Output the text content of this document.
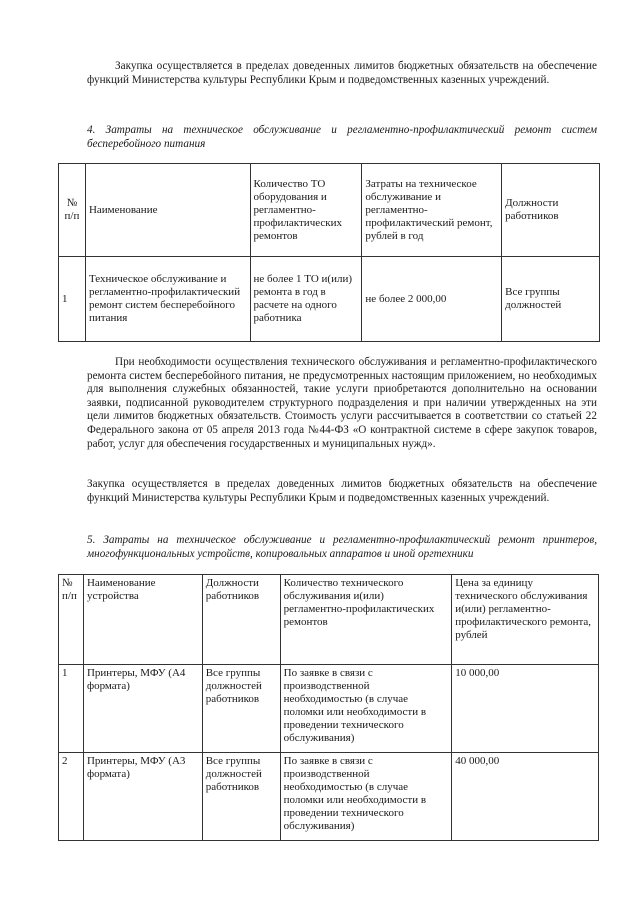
Закупка осуществляется в пределах доведенных лимитов бюджетных обязательств на обеспечение функций Министерства культуры Республики Крым и подведомственных казенных учреждений.
4. Затраты на техническое обслуживание и регламентно-профилактический ремонт систем бесперебойного питания
№ п/п	Наименование	Количество ТО оборудования и регламентно-профилактических ремонтов	Затраты на техническое обслуживание и регламентно-профилактический ремонт, рублей в год	Должности работников
1	Техническое обслуживание и регламентно-профилактический ремонт систем бесперебойного питания	не более 1 ТО и(или) ремонта в год в расчете на одного работника	не более 2 000,00	Все группы должностей
При необходимости осуществления технического обслуживания и регламентно-профилактического ремонта систем бесперебойного питания, не предусмотренных настоящим приложением, но необходимых для выполнения служебных обязанностей, такие услуги приобретаются дополнительно на основании заявки, подписанной руководителем структурного подразделения и при наличии утвержденных на эти цели лимитов бюджетных обязательств. Стоимость услуги рассчитывается в соответствии со статьей 22 Федерального закона от 05 апреля 2013 года №44-ФЗ «О контрактной системе в сфере закупок товаров, работ, услуг для обеспечения государственных и муниципальных нужд».
Закупка осуществляется в пределах доведенных лимитов бюджетных обязательств на обеспечение функций Министерства культуры Республики Крым и подведомственных казенных учреждений.
5. Затраты на техническое обслуживание и регламентно-профилактический ремонт принтеров, многофункциональных устройств, копировальных аппаратов и иной оргтехники
№ п/п	Наименование устройства	Должности работников	Количество технического обслуживания и(или) регламентно-профилактических ремонтов	Цена за единицу технического обслуживания и(или) регламентно-профилактического ремонта, рублей
1	Принтеры, МФУ (А4 формата)	Все группы должностей работников	По заявке в связи с производственной необходимостью (в случае поломки или необходимости в проведении технического обслуживания)	10 000,00
2	Принтеры, МФУ (А3 формата)	Все группы должностей работников	По заявке в связи с производственной необходимостью (в случае поломки или необходимости в проведении технического обслуживания)	40 000,00
